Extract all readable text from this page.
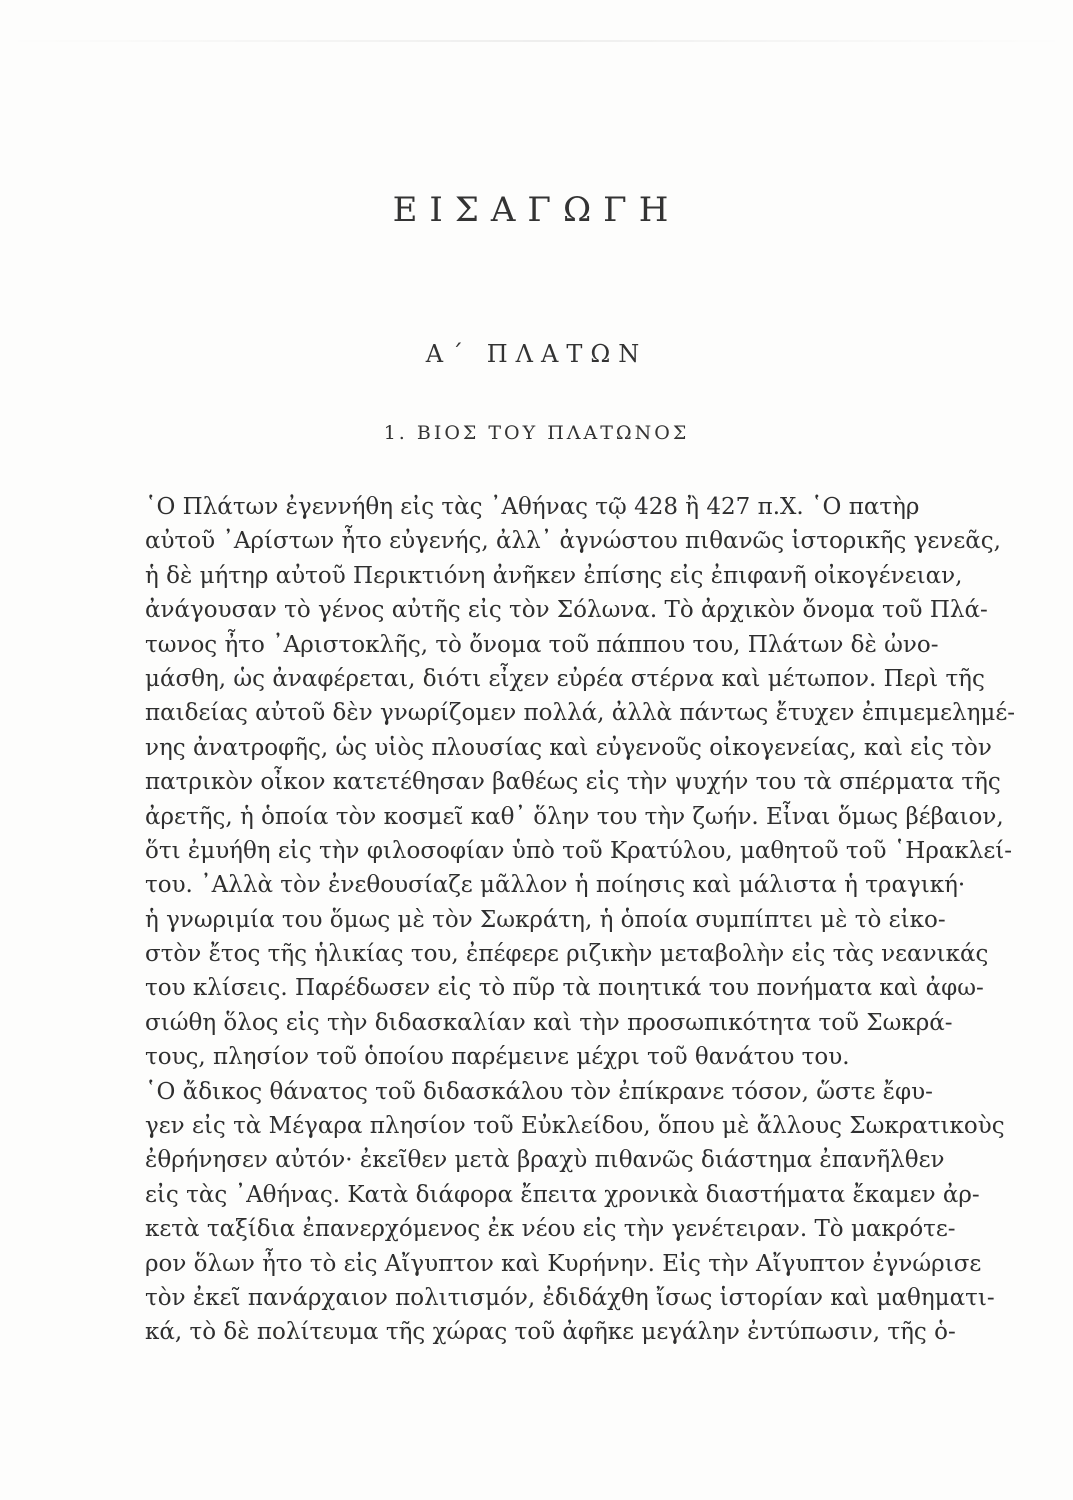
ΕΙΣΑΓΩΓΗ
Α΄ ΠΛΑΤΩΝ
1. ΒΙΟΣ ΤΟΥ ΠΛΑΤΩΝΟΣ
῾Ο Πλάτων ἐγεννήθη εἰς τὰς ᾿Αθήνας τῷ 428 ἢ 427 π.Χ. ῾Ο πατὴρ
αὐτοῦ ᾿Αρίστων ἦτο εὐγενής, ἀλλ᾿ ἀγνώστου πιθανῶς ἱστορικῆς γενεᾶς,
ἡ δὲ μήτηρ αὐτοῦ Περικτιόνη ἀνῆκεν ἐπίσης εἰς ἐπιφανῆ οἰκογένειαν,
ἀνάγουσαν τὸ γένος αὐτῆς εἰς τὸν Σόλωνα. Τὸ ἀρχικὸν ὄνομα τοῦ Πλά-
τωνος ἦτο ᾿Αριστοκλῆς, τὸ ὄνομα τοῦ πάππου του, Πλάτων δὲ ὠνο-
μάσθη, ὡς ἀναφέρεται, διότι εἶχεν εὐρέα στέρνα καὶ μέτωπον. Περὶ τῆς
παιδείας αὐτοῦ δὲν γνωρίζομεν πολλά, ἀλλὰ πάντως ἔτυχεν ἐπιμεμελημέ-
νης ἀνατροφῆς, ὡς υἱὸς πλουσίας καὶ εὐγενοῦς οἰκογενείας, καὶ εἰς τὸν
πατρικὸν οἶκον κατετέθησαν βαθέως εἰς τὴν ψυχήν του τὰ σπέρματα τῆς
ἀρετῆς, ἡ ὁποία τὸν κοσμεῖ καθ᾿ ὅλην του τὴν ζωήν. Εἶναι ὅμως βέβαιον,
ὅτι ἐμυήθη εἰς τὴν φιλοσοφίαν ὑπὸ τοῦ Κρατύλου, μαθητοῦ τοῦ ῾Ηρακλεί-
του. ᾿Αλλὰ τὸν ἐνεθουσίαζε μᾶλλον ἡ ποίησις καὶ μάλιστα ἡ τραγική·
ἡ γνωριμία του ὅμως μὲ τὸν Σωκράτη, ἡ ὁποία συμπίπτει μὲ τὸ εἰκο-
στὸν ἔτος τῆς ἡλικίας του, ἐπέφερε ριζικὴν μεταβολὴν εἰς τὰς νεανικάς
του κλίσεις. Παρέδωσεν εἰς τὸ πῦρ τὰ ποιητικά του πονήματα καὶ ἀφω-
σιώθη ὅλος εἰς τὴν διδασκαλίαν καὶ τὴν προσωπικότητα τοῦ Σωκρά-
τους, πλησίον τοῦ ὁποίου παρέμεινε μέχρι τοῦ θανάτου του.
῾Ο ἄδικος θάνατος τοῦ διδασκάλου τὸν ἐπίκρανε τόσον, ὥστε ἔφυ-
γεν εἰς τὰ Μέγαρα πλησίον τοῦ Εὐκλείδου, ὅπου μὲ ἄλλους Σωκρατικοὺς
ἐθρήνησεν αὐτόν· ἐκεῖθεν μετὰ βραχὺ πιθανῶς διάστημα ἐπανῆλθεν
εἰς τὰς ᾿Αθήνας. Κατὰ διάφορα ἔπειτα χρονικὰ διαστήματα ἔκαμεν ἀρ-
κετὰ ταξίδια ἐπανερχόμενος ἐκ νέου εἰς τὴν γενέτειραν. Τὸ μακρότε-
ρον ὅλων ἦτο τὸ εἰς Αἴγυπτον καὶ Κυρήνην. Εἰς τὴν Αἴγυπτον ἐγνώρισε
τὸν ἐκεῖ πανάρχαιον πολιτισμόν, ἐδιδάχθη ἴσως ἱστορίαν καὶ μαθηματι-
κά, τὸ δὲ πολίτευμα τῆς χώρας τοῦ ἀφῆκε μεγάλην ἐντύπωσιν, τῆς ὁ-
